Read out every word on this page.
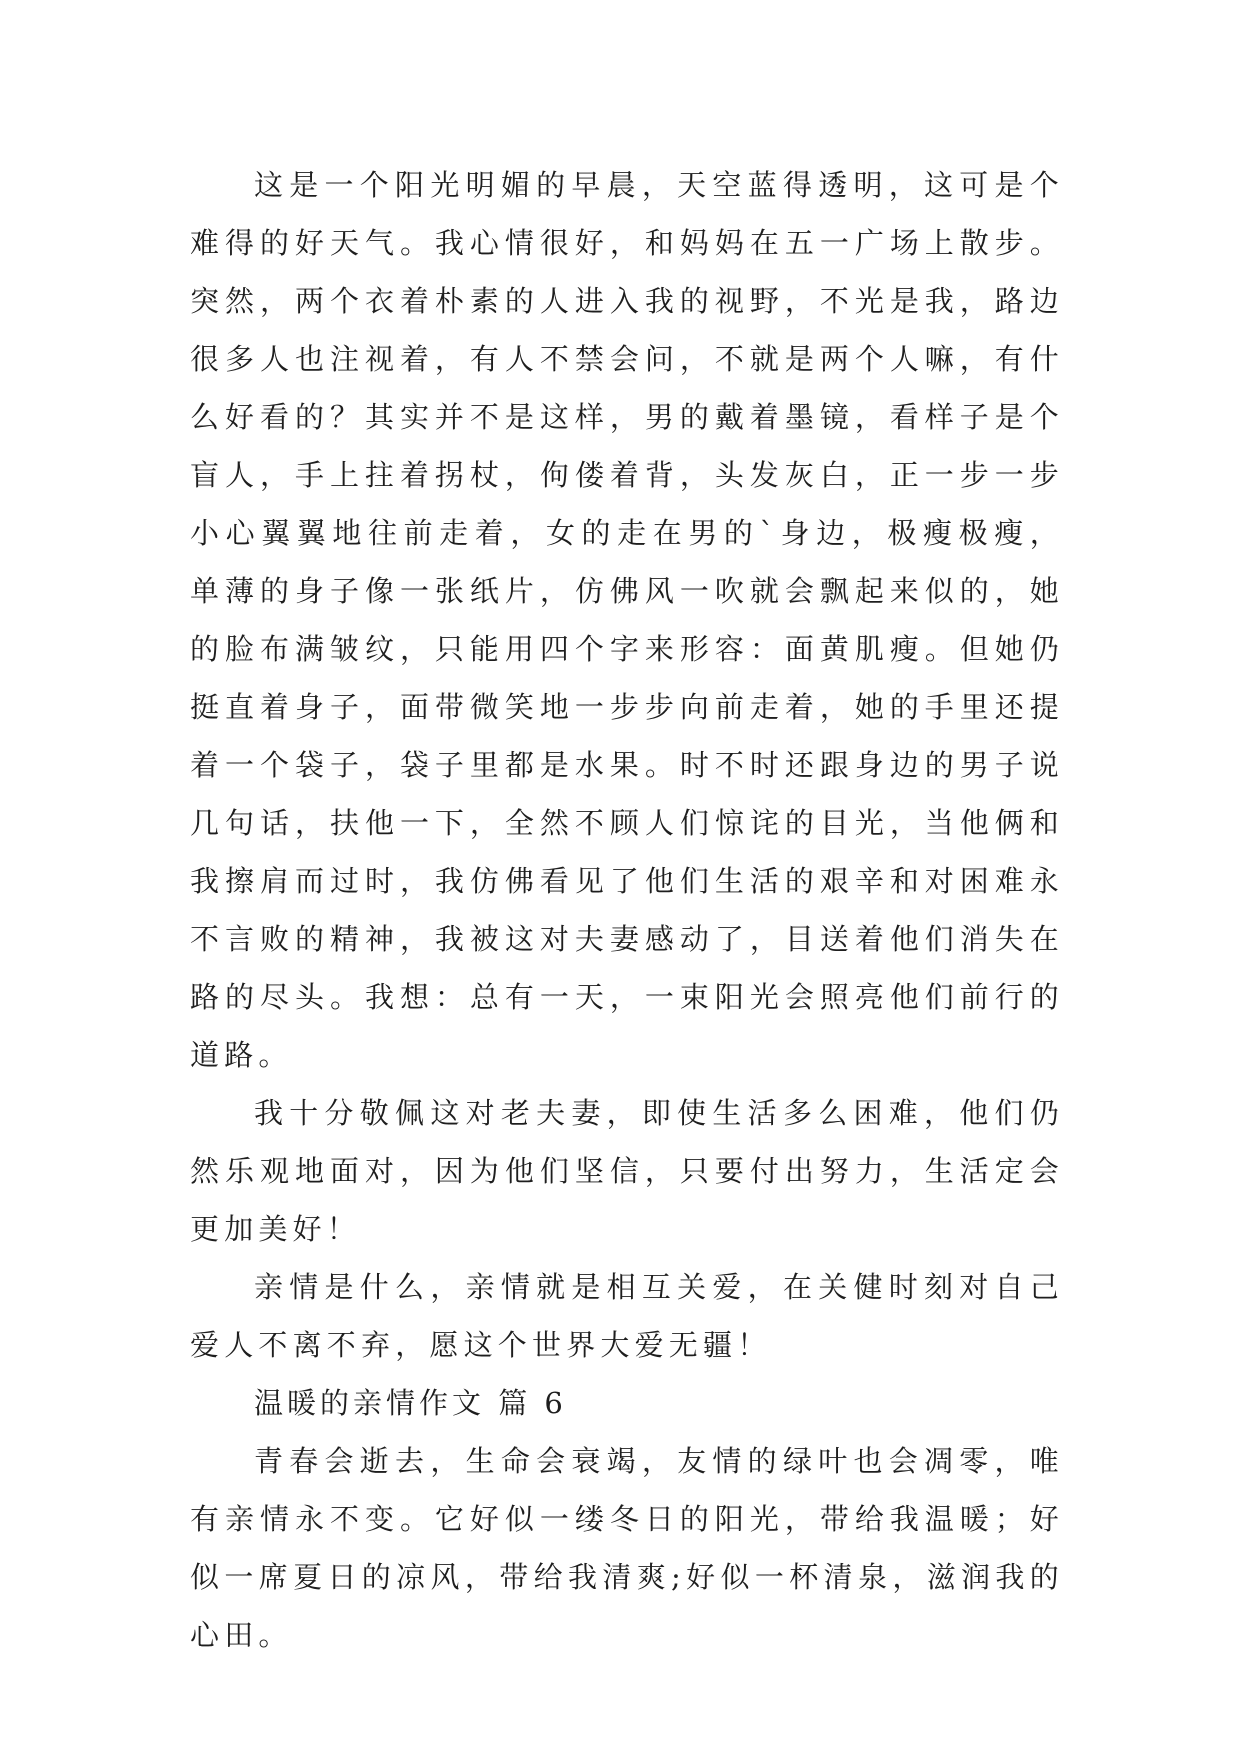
这是一个阳光明媚的早晨，天空蓝得透明，这可是个难得的好天气。我心情很好，和妈妈在五一广场上散步。突然，两个衣着朴素的人进入我的视野，不光是我，路边很多人也注视着，有人不禁会问，不就是两个人嘛，有什么好看的？其实并不是这样，男的戴着墨镜，看样子是个盲人，手上拄着拐杖，佝偻着背，头发灰白，正一步一步小心翼翼地往前走着，女的走在男的`身边，极瘦极瘦，单薄的身子像一张纸片，仿佛风一吹就会飘起来似的，她的脸布满皱纹，只能用四个字来形容：面黄肌瘦。但她仍挺直着身子，面带微笑地一步步向前走着，她的手里还提着一个袋子，袋子里都是水果。时不时还跟身边的男子说几句话，扶他一下，全然不顾人们惊诧的目光，当他俩和我擦肩而过时，我仿佛看见了他们生活的艰辛和对困难永不言败的精神，我被这对夫妻感动了，目送着他们消失在路的尽头。我想：总有一天，一束阳光会照亮他们前行的道路。

我十分敬佩这对老夫妻，即使生活多么困难，他们仍然乐观地面对，因为他们坚信，只要付出努力，生活定会更加美好！

亲情是什么，亲情就是相互关爱，在关健时刻对自己爱人不离不弃，愿这个世界大爱无疆！

温暖的亲情作文 篇 6

青春会逝去，生命会衰竭，友情的绿叶也会凋零，唯有亲情永不变。它好似一缕冬日的阳光，带给我温暖；好似一席夏日的凉风，带给我清爽;好似一杯清泉，滋润我的心田。
